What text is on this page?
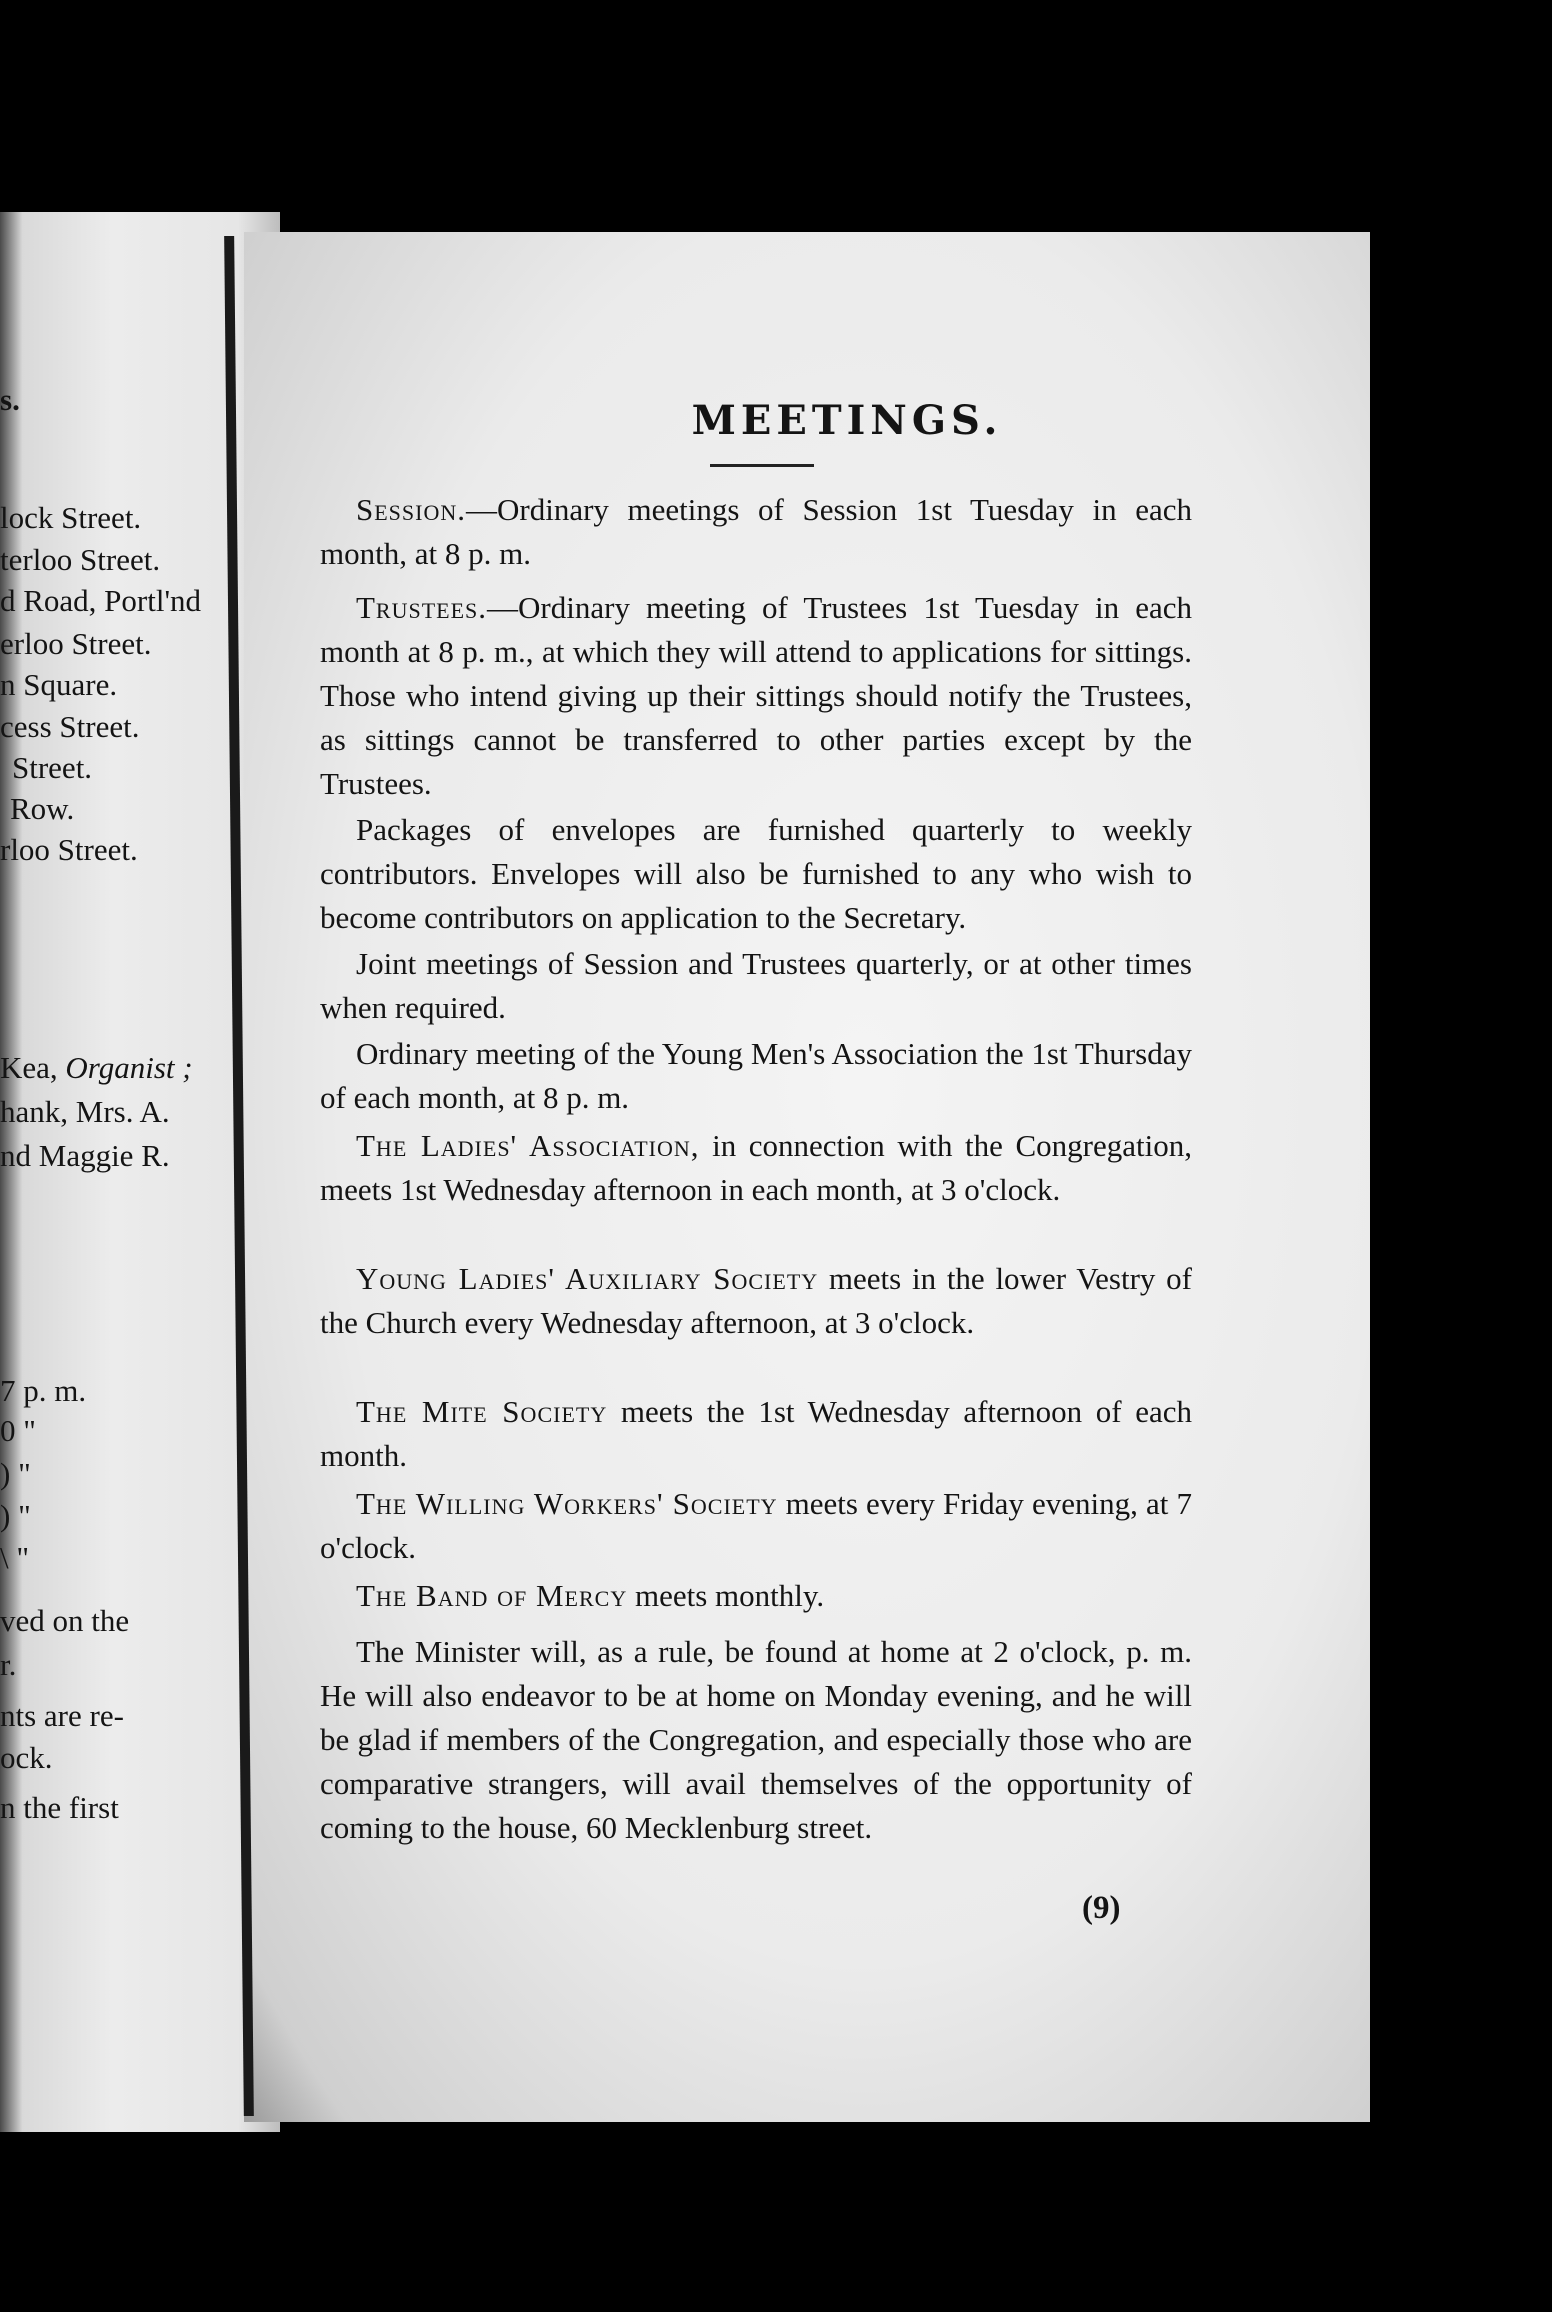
s.
lock Street.
terloo Street.
d Road, Portl'nd
erloo Street.
n Square.
cess Street.
Street.
Row.
rloo Street.
Kea, Organist ;
hank, Mrs. A.
nd Maggie R.
7 p. m.
0 "
) "
) "
\ "
ved on the
r.
nts are re-
ock.
n the first
MEETINGS.
Session.—Ordinary meetings of Session 1st Tuesday in each month, at 8 p. m.
Trustees.—Ordinary meeting of Trustees 1st Tuesday in each month at 8 p. m., at which they will attend to applications for sittings. Those who intend giving up their sittings should notify the Trustees, as sittings cannot be transferred to other parties except by the Trustees.
Packages of envelopes are furnished quarterly to weekly contributors. Envelopes will also be furnished to any who wish to become contributors on application to the Secretary.
Joint meetings of Session and Trustees quarterly, or at other times when required.
Ordinary meeting of the Young Men's Association the 1st Thursday of each month, at 8 p. m.
The Ladies' Association, in connection with the Congregation, meets 1st Wednesday afternoon in each month, at 3 o'clock.
Young Ladies' Auxiliary Society meets in the lower Vestry of the Church every Wednesday afternoon, at 3 o'clock.
The Mite Society meets the 1st Wednesday afternoon of each month.
The Willing Workers' Society meets every Friday evening, at 7 o'clock.
The Band of Mercy meets monthly.
The Minister will, as a rule, be found at home at 2 o'clock, p. m. He will also endeavor to be at home on Monday evening, and he will be glad if members of the Congregation, and especially those who are comparative strangers, will avail themselves of the opportunity of coming to the house, 60 Mecklenburg street.
(9)
